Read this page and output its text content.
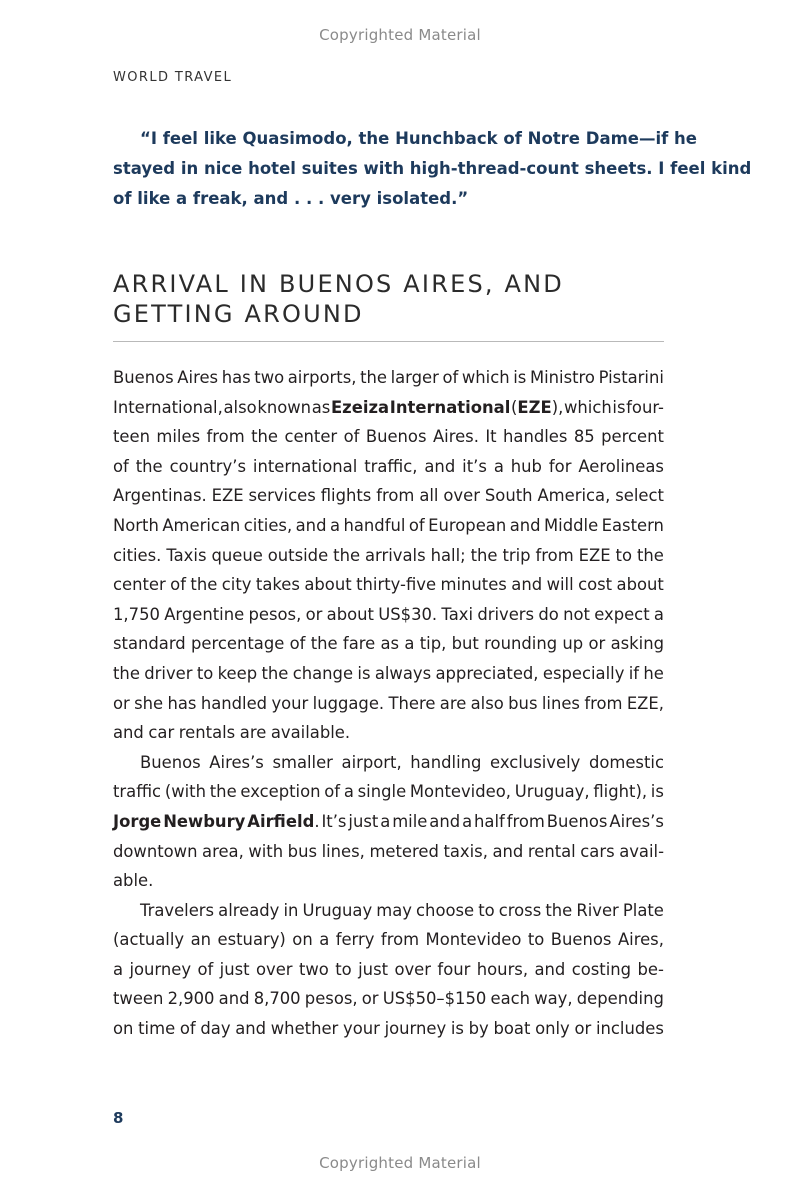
Copyrighted Material
WORLD TRAVEL

“I feel like Quasimodo, the Hunchback of Notre Dame—if he
stayed in nice hotel suites with high-thread-count sheets. I feel kind
of like a freak, and . . . very isolated.”

ARRIVAL IN BUENOS AIRES, AND
GETTING AROUND
Buenos Aires has two airports, the larger of which is Ministro Pistarini
International, also known as Ezeiza International (EZE), which is four-
teen miles from the center of Buenos Aires. It handles 85 percent
of the country’s international traffic, and it’s a hub for Aerolineas
Argentinas. EZE services flights from all over South America, select
North American cities, and a handful of European and Middle Eastern
cities. Taxis queue outside the arrivals hall; the trip from EZE to the
center of the city takes about thirty-five minutes and will cost about
1,750 Argentine pesos, or about US$30. Taxi drivers do not expect a
standard percentage of the fare as a tip, but rounding up or asking
the driver to keep the change is always appreciated, especially if he
or she has handled your luggage. There are also bus lines from EZE,
and car rentals are available.
Buenos Aires’s smaller airport, handling exclusively domestic
traffic (with the exception of a single Montevideo, Uruguay, flight), is
Jorge Newbury Airfield. It’s just a mile and a half from Buenos Aires’s
downtown area, with bus lines, metered taxis, and rental cars avail-
able.
Travelers already in Uruguay may choose to cross the River Plate
(actually an estuary) on a ferry from Montevideo to Buenos Aires,
a journey of just over two to just over four hours, and costing be-
tween 2,900 and 8,700 pesos, or US$50–$150 each way, depending
on time of day and whether your journey is by boat only or includes
8
Copyrighted Material
